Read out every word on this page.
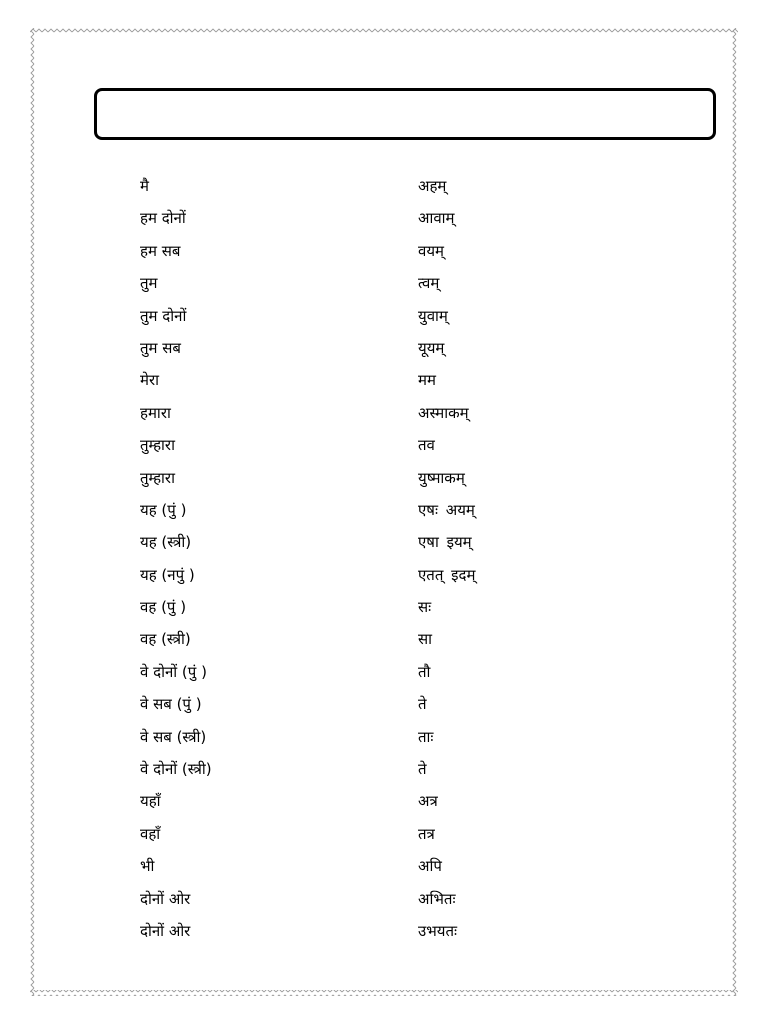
मै	अहम्
हम दोनों	आवाम्
हम सब	वयम्
तुम	त्वम्
तुम दोनों	युवाम्
तुम सब	यूयम्
मेरा	मम
हमारा	अस्माकम्
तुम्हारा	तव
तुम्हारा	युष्माकम्
यह (पुं )	एषः अयम्
यह (स्त्री)	एषा इयम्
यह (नपुं )	एतत् इदम्
वह (पुं )	सः
वह (स्त्री)	सा
वे दोनों (पुं )	तौ
वे सब (पुं )	ते
वे सब (स्त्री)	ताः
वे दोनों (स्त्री)	ते
यहाँ	अत्र
वहाँ	तत्र
भी	अपि
दोनों ओर	अभितः
दोनों ओर	उभयतः
